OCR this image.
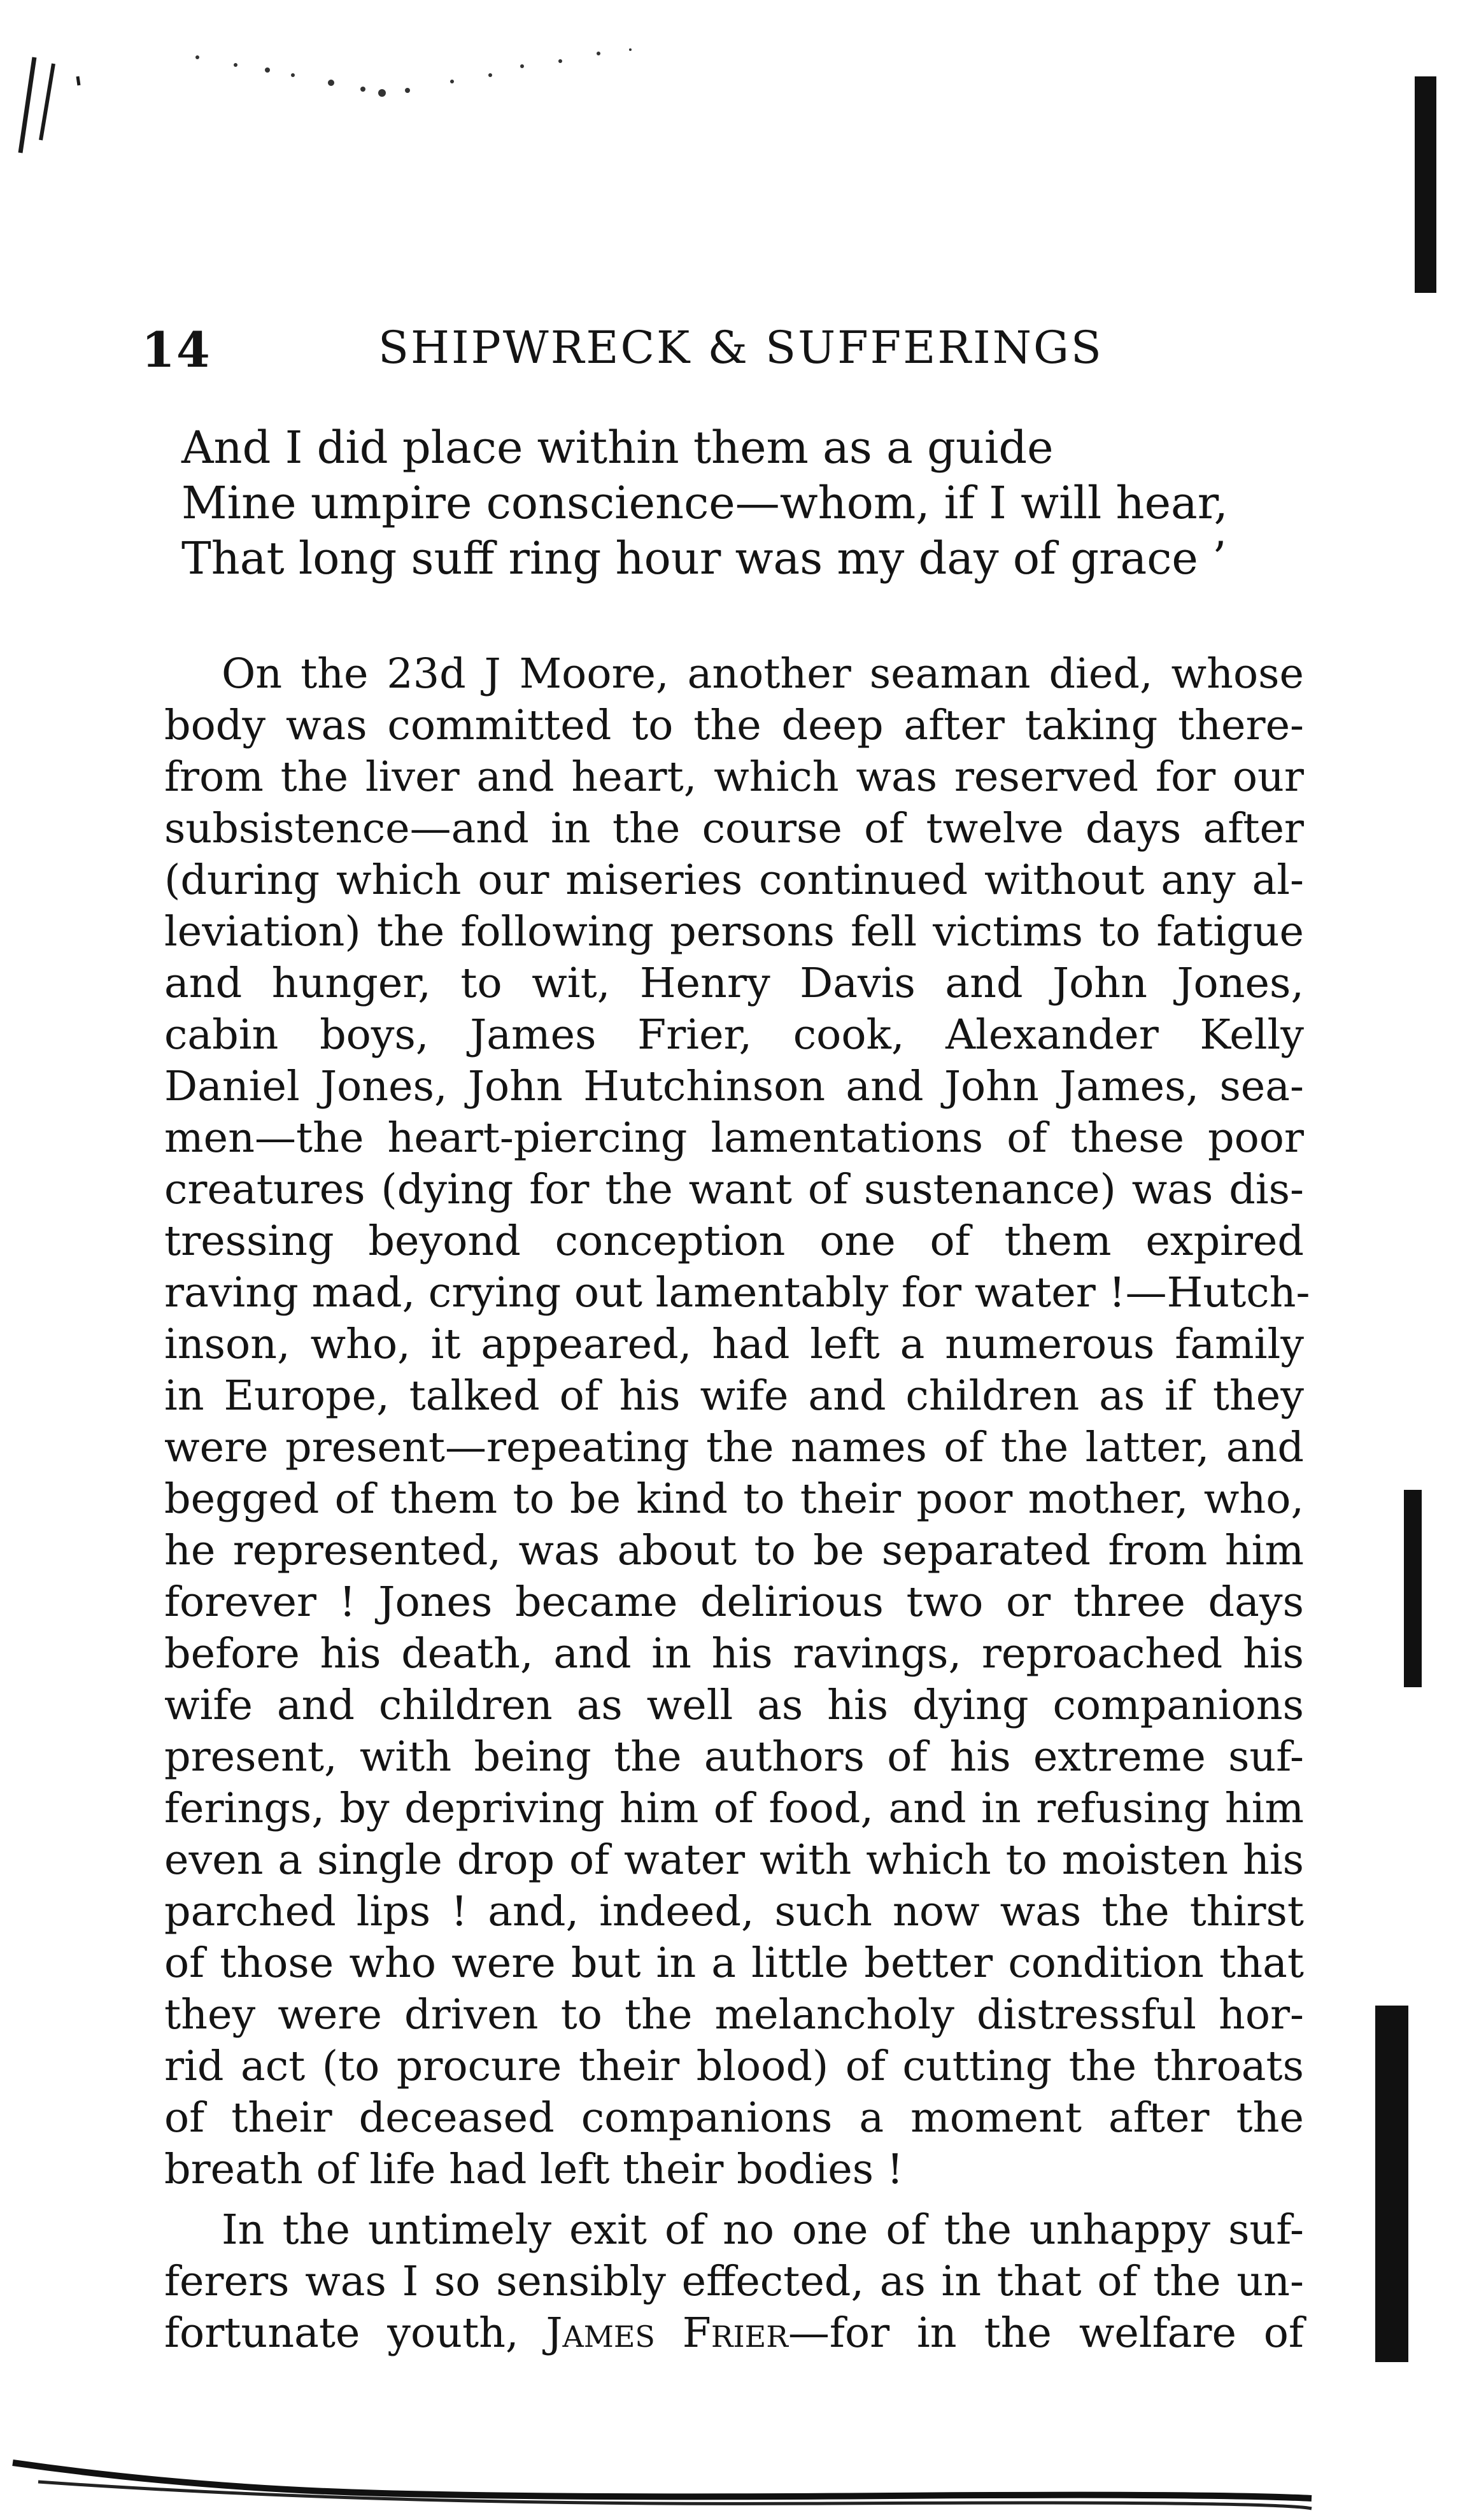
14	SHIPWRECK & SUFFERINGS
And I did place within them as a guide
Mine umpire conscience—whom, if I will hear,
That long suff ring hour was my day of grace ’
On the 23d J Moore, another seaman died, whose
body was committed to the deep after taking there-
from the liver and heart, which was reserved for our
subsistence—and in the course of twelve days after
(during which our miseries continued without any al-
leviation) the following persons fell victims to fatigue
and hunger, to wit, Henry Davis and John Jones,
cabin boys, James Frier, cook, Alexander Kelly
Daniel Jones, John Hutchinson and John James, sea-
men—the heart-piercing lamentations of these poor
creatures (dying for the want of sustenance) was dis-
tressing beyond conception one of them expired
raving mad, crying out lamentably for water !—Hutch-
inson, who, it appeared, had left a numerous family
in Europe, talked of his wife and children as if they
were present—repeating the names of the latter, and
begged of them to be kind to their poor mother, who,
he represented, was about to be separated from him
forever ! Jones became delirious two or three days
before his death, and in his ravings, reproached his
wife and children as well as his dying companions
present, with being the authors of his extreme suf-
ferings, by depriving him of food, and in refusing him
even a single drop of water with which to moisten his
parched lips ! and, indeed, such now was the thirst
of those who were but in a little better condition that
they were driven to the melancholy distressful hor-
rid act (to procure their blood) of cutting the throats
of their deceased companions a moment after the
breath of life had left their bodies !
In the untimely exit of no one of the unhappy suf-
ferers was I so sensibly effected, as in that of the un-
fortunate youth, James Frier—for in the welfare of
